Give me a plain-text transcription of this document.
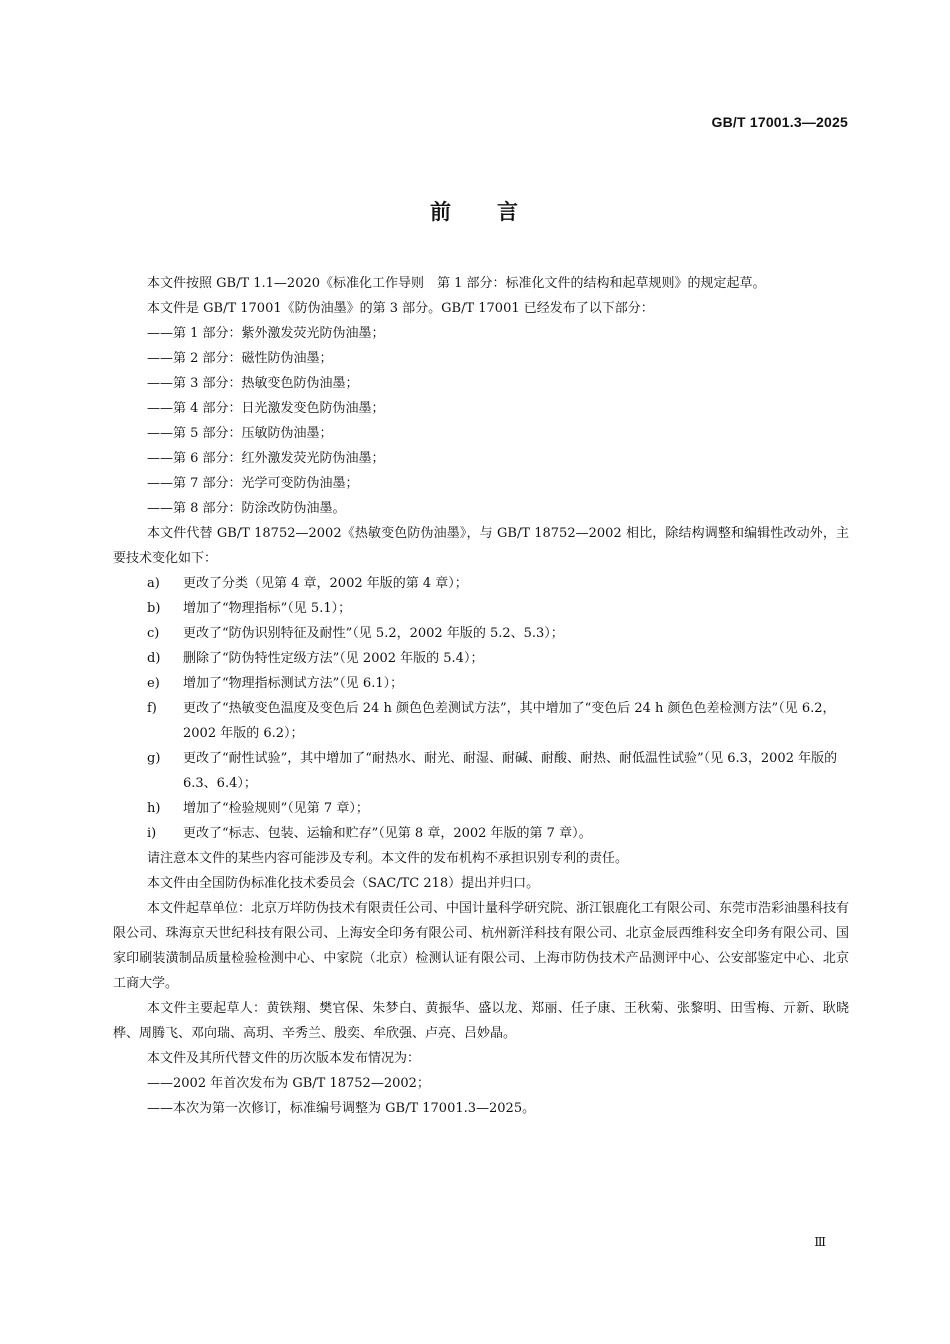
GB/T 17001.3—2025
前 言

本文件按照 GB/T 1.1—2020《标准化工作导则　第 1 部分：标准化文件的结构和起草规则》的规定起草。

本文件是 GB/T 17001《防伪油墨》的第 3 部分。GB/T 17001 已经发布了以下部分：

——第 1 部分：紫外激发荧光防伪油墨；

——第 2 部分：磁性防伪油墨；

——第 3 部分：热敏变色防伪油墨；

——第 4 部分：日光激发变色防伪油墨；

——第 5 部分：压敏防伪油墨；

——第 6 部分：红外激发荧光防伪油墨；

——第 7 部分：光学可变防伪油墨；

——第 8 部分：防涂改防伪油墨。

本文件代替 GB/T 18752—2002《热敏变色防伪油墨》，与 GB/T 18752—2002 相比，除结构调整和编辑性改动外，主要技术变化如下：

a) 更改了分类（见第 4 章，2002 年版的第 4 章）；

b) 增加了“物理指标”（见 5.1）；

c) 更改了“防伪识别特征及耐性”（见 5.2，2002 年版的 5.2、5.3）；

d) 删除了“防伪特性定级方法”（见 2002 年版的 5.4）；

e) 增加了“物理指标测试方法”（见 6.1）；

f) 更改了“热敏变色温度及变色后 24 h 颜色色差测试方法”，其中增加了“变色后 24 h 颜色色差检测方法”（见 6.2，2002 年版的 6.2）；

g) 更改了“耐性试验”，其中增加了“耐热水、耐光、耐湿、耐碱、耐酸、耐热、耐低温性试验”（见 6.3，2002 年版的 6.3、6.4）；

h) 增加了“检验规则”（见第 7 章）；

i) 更改了“标志、包装、运输和贮存”（见第 8 章，2002 年版的第 7 章）。

请注意本文件的某些内容可能涉及专利。本文件的发布机构不承担识别专利的责任。

本文件由全国防伪标准化技术委员会（SAC/TC 218）提出并归口。

本文件起草单位：北京万垟防伪技术有限责任公司、中国计量科学研究院、浙江银鹿化工有限公司、东莞市浩彩油墨科技有限公司、珠海京天世纪科技有限公司、上海安全印务有限公司、杭州新洋科技有限公司、北京金辰西维科安全印务有限公司、国家印刷装潢制品质量检验检测中心、中家院（北京）检测认证有限公司、上海市防伪技术产品测评中心、公安部鉴定中心、北京工商大学。

本文件主要起草人：黄铁翔、樊官保、朱梦白、黄振华、盛以龙、郑丽、任子康、王秋菊、张黎明、田雪梅、亓新、耿晓桦、周腾飞、邓向瑞、高玥、辛秀兰、殷奕、牟欣强、卢亮、吕妙晶。

本文件及其所代替文件的历次版本发布情况为：

——2002 年首次发布为 GB/T 18752—2002；

——本次为第一次修订，标准编号调整为 GB/T 17001.3—2025。

Ⅲ
